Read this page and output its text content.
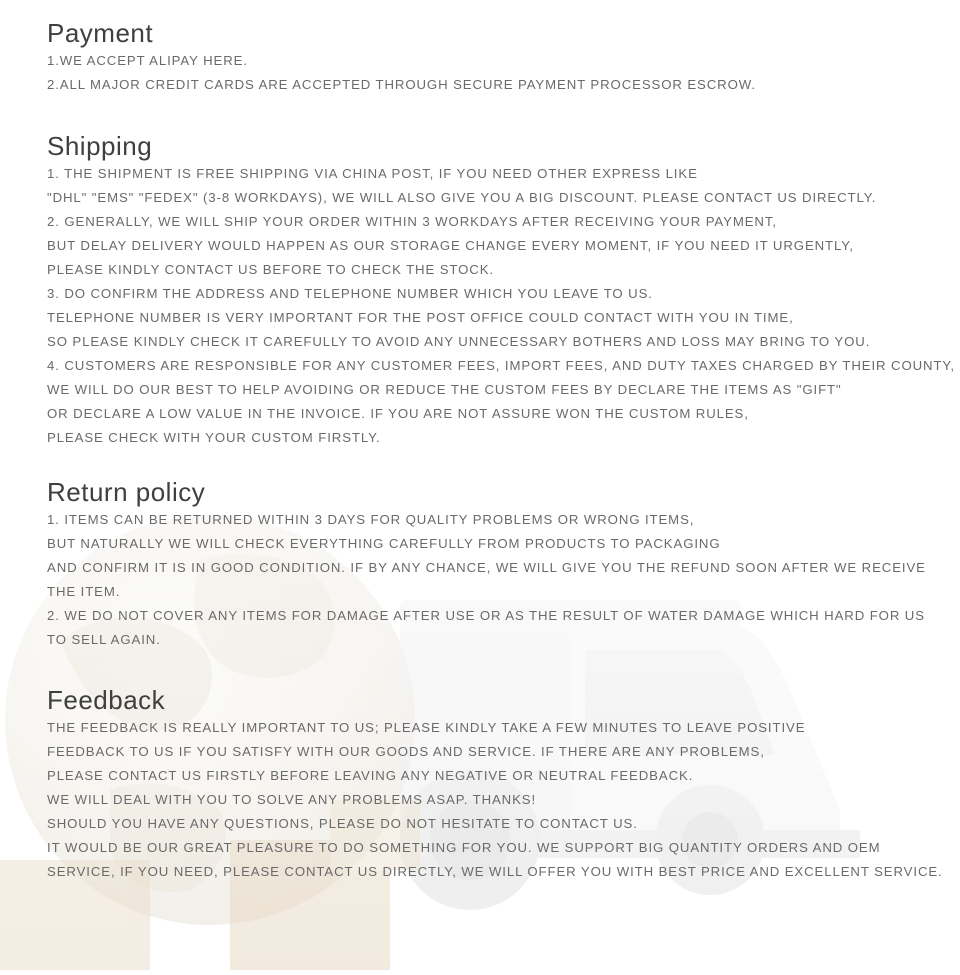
Payment
1.WE ACCEPT ALIPAY HERE.
2.ALL MAJOR CREDIT CARDS ARE ACCEPTED THROUGH SECURE PAYMENT PROCESSOR ESCROW.
Shipping
1. THE SHIPMENT IS FREE SHIPPING VIA CHINA POST, IF YOU NEED OTHER EXPRESS LIKE
"DHL" "EMS" "FEDEX" (3-8 WORKDAYS), WE WILL ALSO GIVE YOU A BIG DISCOUNT. PLEASE CONTACT US DIRECTLY.
2. GENERALLY, WE WILL SHIP YOUR ORDER WITHIN 3 WORKDAYS AFTER RECEIVING YOUR PAYMENT,
BUT DELAY DELIVERY WOULD HAPPEN AS OUR STORAGE CHANGE EVERY MOMENT, IF YOU NEED IT URGENTLY,
PLEASE KINDLY CONTACT US BEFORE TO CHECK THE STOCK.
3. DO CONFIRM THE ADDRESS AND TELEPHONE NUMBER WHICH YOU LEAVE TO US.
TELEPHONE NUMBER IS VERY IMPORTANT FOR THE POST OFFICE COULD CONTACT WITH YOU IN TIME,
SO PLEASE KINDLY CHECK IT CAREFULLY TO AVOID ANY UNNECESSARY BOTHERS AND LOSS MAY BRING TO YOU.
4. CUSTOMERS ARE RESPONSIBLE FOR ANY CUSTOMER FEES, IMPORT FEES, AND DUTY TAXES CHARGED BY THEIR COUNTY,
WE WILL DO OUR BEST TO HELP AVOIDING OR REDUCE THE CUSTOM FEES BY DECLARE THE ITEMS AS "GIFT"
OR DECLARE A LOW VALUE IN THE INVOICE. IF YOU ARE NOT ASSURE WON THE CUSTOM RULES,
PLEASE CHECK WITH YOUR CUSTOM FIRSTLY.
Return policy
1. ITEMS CAN BE RETURNED WITHIN 3 DAYS FOR QUALITY PROBLEMS OR WRONG ITEMS,
BUT NATURALLY WE WILL CHECK EVERYTHING CAREFULLY FROM PRODUCTS TO PACKAGING
AND CONFIRM IT IS IN GOOD CONDITION. IF BY ANY CHANCE, WE WILL GIVE YOU THE REFUND SOON AFTER WE RECEIVE
THE ITEM.
2. WE DO NOT COVER ANY ITEMS FOR DAMAGE AFTER USE OR AS THE RESULT OF WATER DAMAGE WHICH HARD FOR US
TO SELL AGAIN.
Feedback
THE FEEDBACK IS REALLY IMPORTANT TO US; PLEASE KINDLY TAKE A FEW MINUTES TO LEAVE POSITIVE
FEEDBACK TO US IF YOU SATISFY WITH OUR GOODS AND SERVICE. IF THERE ARE ANY PROBLEMS,
PLEASE CONTACT US FIRSTLY BEFORE LEAVING ANY NEGATIVE OR NEUTRAL FEEDBACK.
WE WILL DEAL WITH YOU TO SOLVE ANY PROBLEMS ASAP. THANKS!
SHOULD YOU HAVE ANY QUESTIONS, PLEASE DO NOT HESITATE TO CONTACT US.
IT WOULD BE OUR GREAT PLEASURE TO DO SOMETHING FOR YOU. WE SUPPORT BIG QUANTITY ORDERS AND OEM
SERVICE, IF YOU NEED, PLEASE CONTACT US DIRECTLY, WE WILL OFFER YOU WITH BEST PRICE AND EXCELLENT SERVICE.
